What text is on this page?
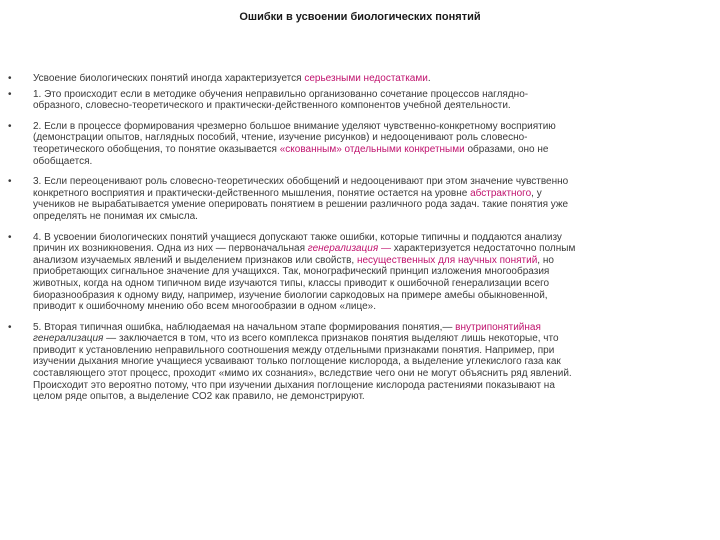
Ошибки в усвоении биологических понятий
• Усвоение биологических понятий иногда характеризуется серьезными недостатками.
• 1. Это происходит если в методике обучения неправильно организованно сочетание процессов наглядно-
образного, словесно-теоретического и практически-действенного компонентов учебной деятельности.
• 2. Если в процессе формирования чрезмерно большое внимание уделяют чувственно-конкретному восприятию
(демонстрации опытов, наглядных пособий, чтение, изучение рисунков) и недооценивают роль словесно-
теоретического обобщения, то понятие оказывается «скованным» отдельными конкретными образами, оно не
обобщается.
• 3. Если переоценивают роль словесно-теоретических обобщений и недооценивают при этом значение чувственно
конкретного восприятия и практически-действенного мышления, понятие остается на уровне абстрактного, у
учеников не вырабатывается умение оперировать понятием в решении различного рода задач. такие понятия уже
определять не понимая их смысла.
• 4. В усвоении биологических понятий учащиеся допускают также ошибки, которые типичны и поддаются анализу
причин их возникновения. Одна из них — первоначальная генерализация — характеризуется недостаточно полным
анализом изучаемых явлений и выделением признаков или свойств, несущественных для научных понятий, но
приобретающих сигнальное значение для учащихся. Так, монографический принцип изложения многообразия
животных, когда на одном типичном виде изучаются типы, классы приводит к ошибочной генерализации всего
биоразнообразия к одному виду, например, изучение биологии саркодовых на примере амебы обыкновенной,
приводит к ошибочному мнению обо всем многообразии в одном «лице».
• 5. Вторая типичная ошибка, наблюдаемая на начальном этапе формирования понятия,— внутрипонятийная
генерализация — заключается в том, что из всего комплекса признаков понятия выделяют лишь некоторые, что
приводит к установлению неправильного соотношения между отдельными признаками понятия. Например, при
изучении дыхания многие учащиеся усваивают только поглощение кислорода, а выделение углекислого газа как
составляющего этот процесс, проходит «мимо их сознания», вследствие чего они не могут объяснить ряд явлений.
Происходит это вероятно потому, что при изучении дыхания поглощение кислорода растениями показывают на
целом ряде опытов, а выделение СО2 как правило, не демонстрируют.
